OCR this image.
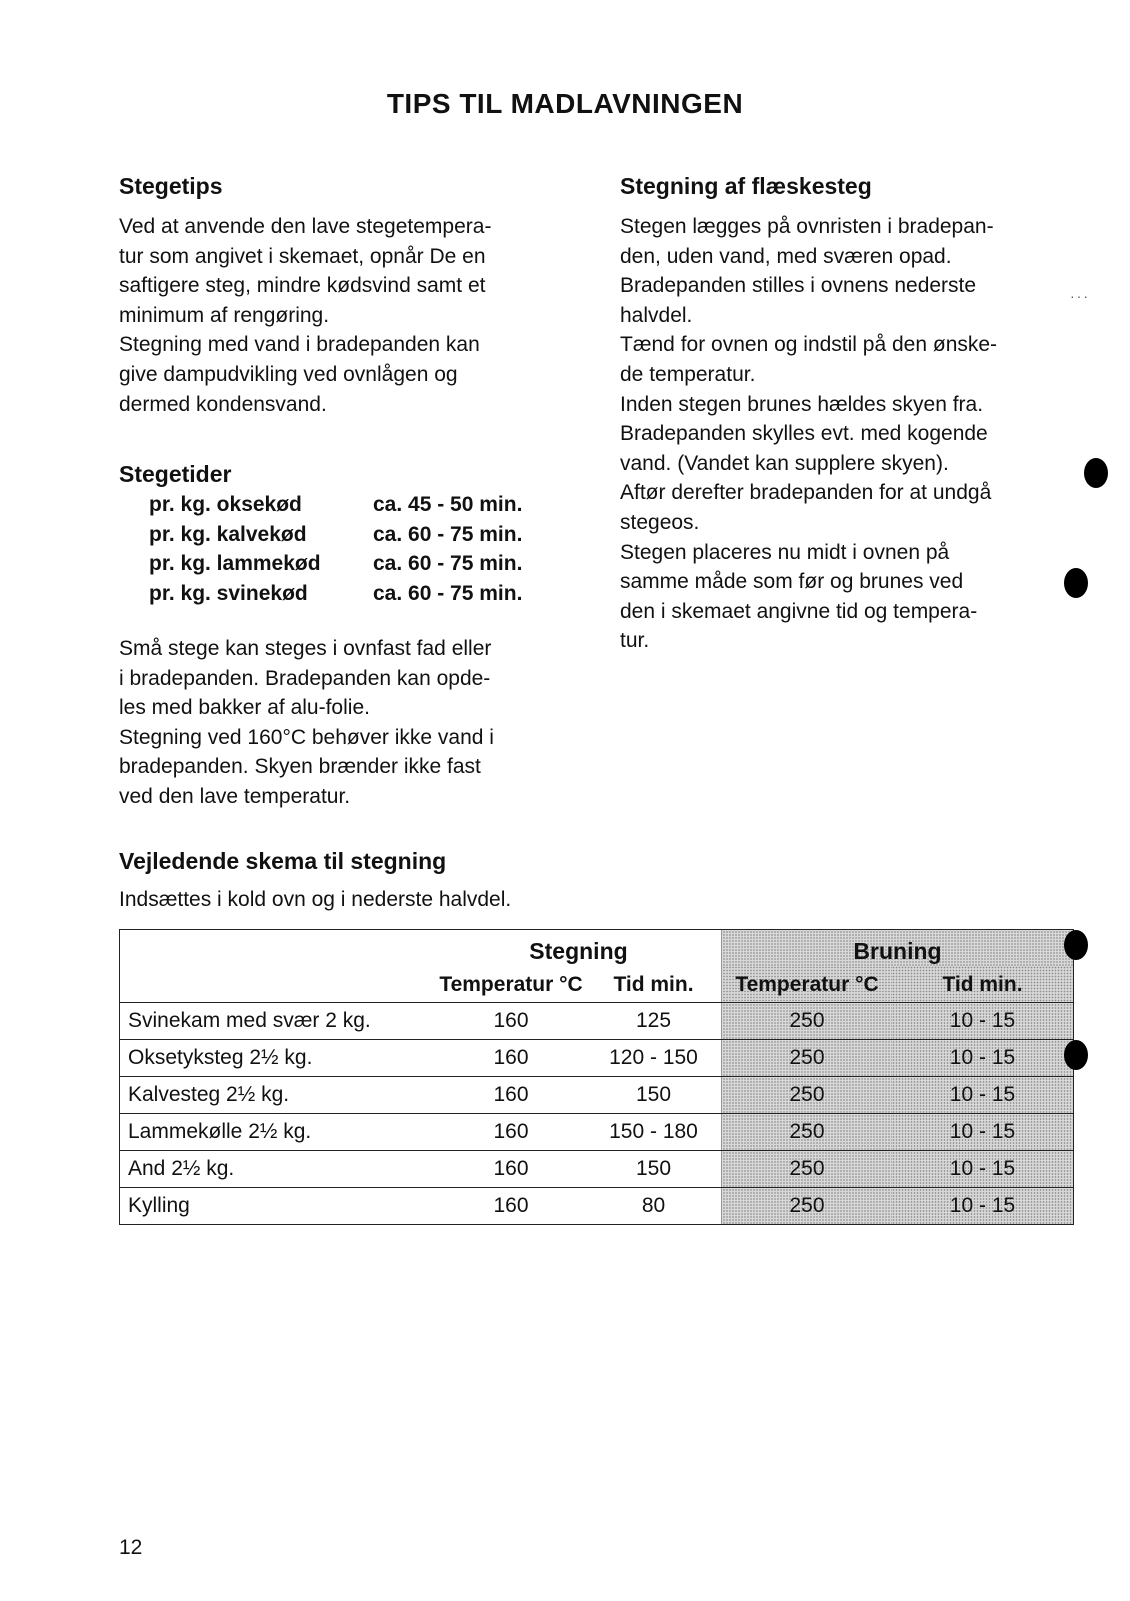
TIPS TIL MADLAVNINGEN
Stegetips

Ved at anvende den lave stegetempera-

tur som angivet i skemaet, opnår De en

saftigere steg, mindre kødsvind samt et

minimum af rengøring.

Stegning med vand i bradepanden kan

give dampudvikling ved ovnlågen og

dermed kondensvand.

Stegetider
pr. kg. oksekød	ca. 45 - 50 min.
pr. kg. kalvekød	ca. 60 - 75 min.
pr. kg. lammekød	ca. 60 - 75 min.
pr. kg. svinekød	ca. 60 - 75 min.

Små stege kan steges i ovnfast fad eller

i bradepanden. Bradepanden kan opde-

les med bakker af alu-folie.

Stegning ved 160°C behøver ikke vand i

bradepanden. Skyen brænder ikke fast

ved den lave temperatur.

Stegning af flæskesteg

Stegen lægges på ovnristen i bradepan-

den, uden vand, med sværen opad.

Bradepanden stilles i ovnens nederste

halvdel.

Tænd for ovnen og indstil på den ønske-

de temperatur.

Inden stegen brunes hældes skyen fra.

Bradepanden skylles evt. med kogende

vand. (Vandet kan supplere skyen).

Aftør derefter bradepanden for at undgå

stegeos.

Stegen placeres nu midt i ovnen på

samme måde som før og brunes ved

den i skemaet angivne tid og tempera-

tur.

···
Vejledende skema til stegning
Indsættes i kold ovn og i nederste halvdel.

	Stegning		Bruning	

	Temperatur °C	Tid min.	Temperatur °C	Tid min.

Svinekam med svær 2 kg.	160	125	250	10 - 15
Oksetyksteg 2½ kg.	160	120 - 150	250	10 - 15
Kalvesteg 2½ kg.	160	150	250	10 - 15
Lammekølle 2½ kg.	160	150 - 180	250	10 - 15
And 2½ kg.	160	150	250	10 - 15
Kylling	160	80	250	10 - 15
12
